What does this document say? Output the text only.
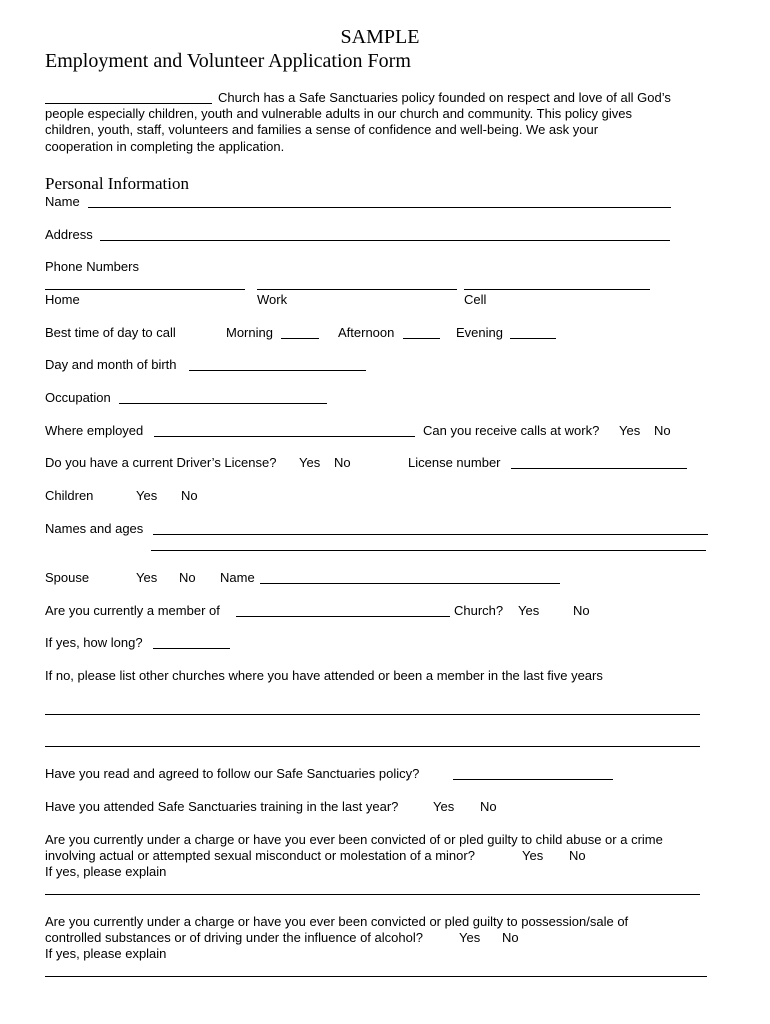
SAMPLE
Employment and Volunteer Application Form
Church has a Safe Sanctuaries policy founded on respect and love of all God’s
people especially children, youth and vulnerable adults in our church and community. This policy gives
children, youth, staff, volunteers and families a sense of confidence and well-being. We ask your
cooperation in completing the application.
Personal Information
Name
Address
Phone Numbers
Home	Work	Cell
Best time of day to call	Morning	Afternoon	Evening
Day and month of birth
Occupation
Where employed	Can you receive calls at work? Yes No
Do you have a current Driver’s License? Yes No	License number
Children	Yes No
Names and ages
Spouse	Yes No Name
Are you currently a member of	Church? Yes	No
If yes, how long?
If no, please list other churches where you have attended or been a member in the last five years
Have you read and agreed to follow our Safe Sanctuaries policy?
Have you attended Safe Sanctuaries training in the last year?	Yes No
Are you currently under a charge or have you ever been convicted of or pled guilty to child abuse or a crime
involving actual or attempted sexual misconduct or molestation of a minor?	Yes No
If yes, please explain
Are you currently under a charge or have you ever been convicted or pled guilty to possession/sale of
controlled substances or of driving under the influence of alcohol?	Yes No
If yes, please explain
